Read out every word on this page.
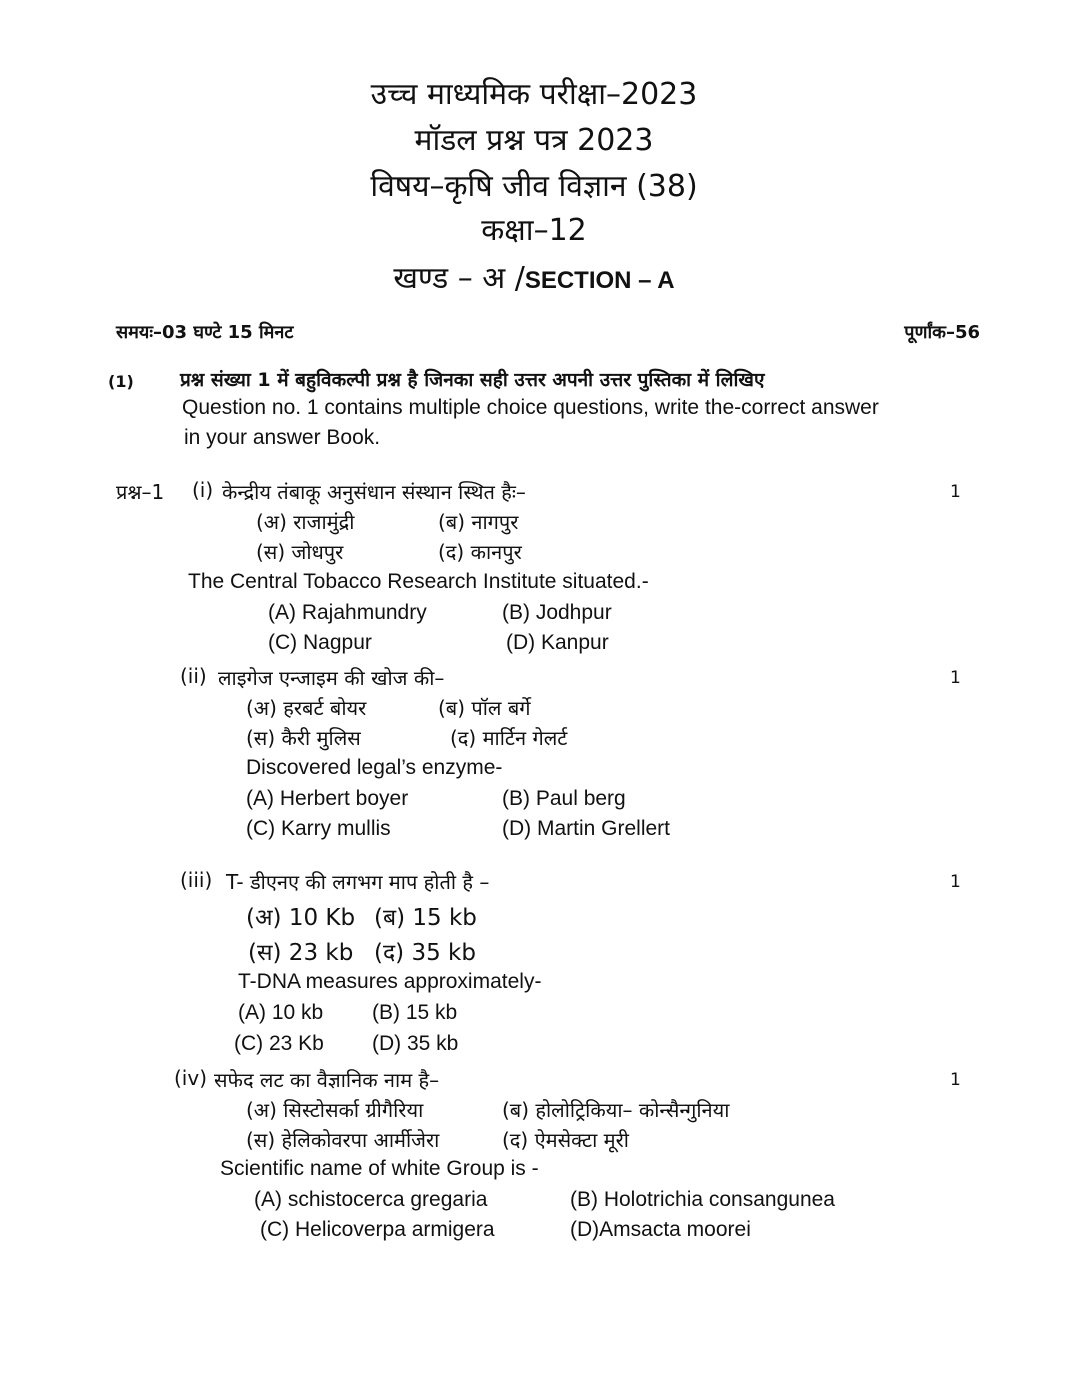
उच्च माध्यमिक परीक्षा–2023
मॉडल प्रश्न पत्र 2023
विषय–कृषि जीव विज्ञान (38)
कक्षा–12
खण्ड – अ /SECTION – A
समयः–03 घण्टे 15 मिनट	पूर्णांक–56
(1) प्रश्न संख्या 1 में बहुविकल्पी प्रश्न है जिनका सही उत्तर अपनी उत्तर पुस्तिका में लिखिए
Question no. 1 contains multiple choice questions, write the-correct answer
in your answer Book.
प्रश्न–1 (i) केन्द्रीय तंबाकू अनुसंधान संस्थान स्थित हैः–	1
(अ) राजामुंद्री	(ब) नागपुर
(स) जोधपुर	(द) कानपुर
The Central Tobacco Research Institute situated.-
(A) Rajahmundry	(B) Jodhpur
(C) Nagpur	(D) Kanpur
(ii) लाइगेज एन्जाइम की खोज की–	1
(अ) हरबर्ट बोयर	(ब) पॉल बर्गे
(स) कैरी मुलिस	(द) मार्टिन गेलर्ट
Discovered legal’s enzyme-
(A) Herbert boyer	(B) Paul berg
(C) Karry mullis	(D) Martin Grellert
(iii) T- डीएनए की लगभग माप होती है –	1
(अ) 10 Kb (ब) 15 kb
(स) 23 kb (द) 35 kb
T-DNA measures approximately-
(A) 10 kb (B) 15 kb
(C) 23 Kb (D) 35 kb
(iv) सफेद लट का वैज्ञानिक नाम है–	1
(अ) सिस्टोसर्का ग्रीगैरिया	(ब) होलोट्रिकिया– कोन्सैन्गुनिया
(स) हेलिकोवरपा आर्मीजेरा	(द) ऐमसेक्टा मूरी
Scientific name of white Group is -
(A) schistocerca gregaria	(B) Holotrichia consangunea
(C) Helicoverpa armigera	(D)Amsacta moorei
